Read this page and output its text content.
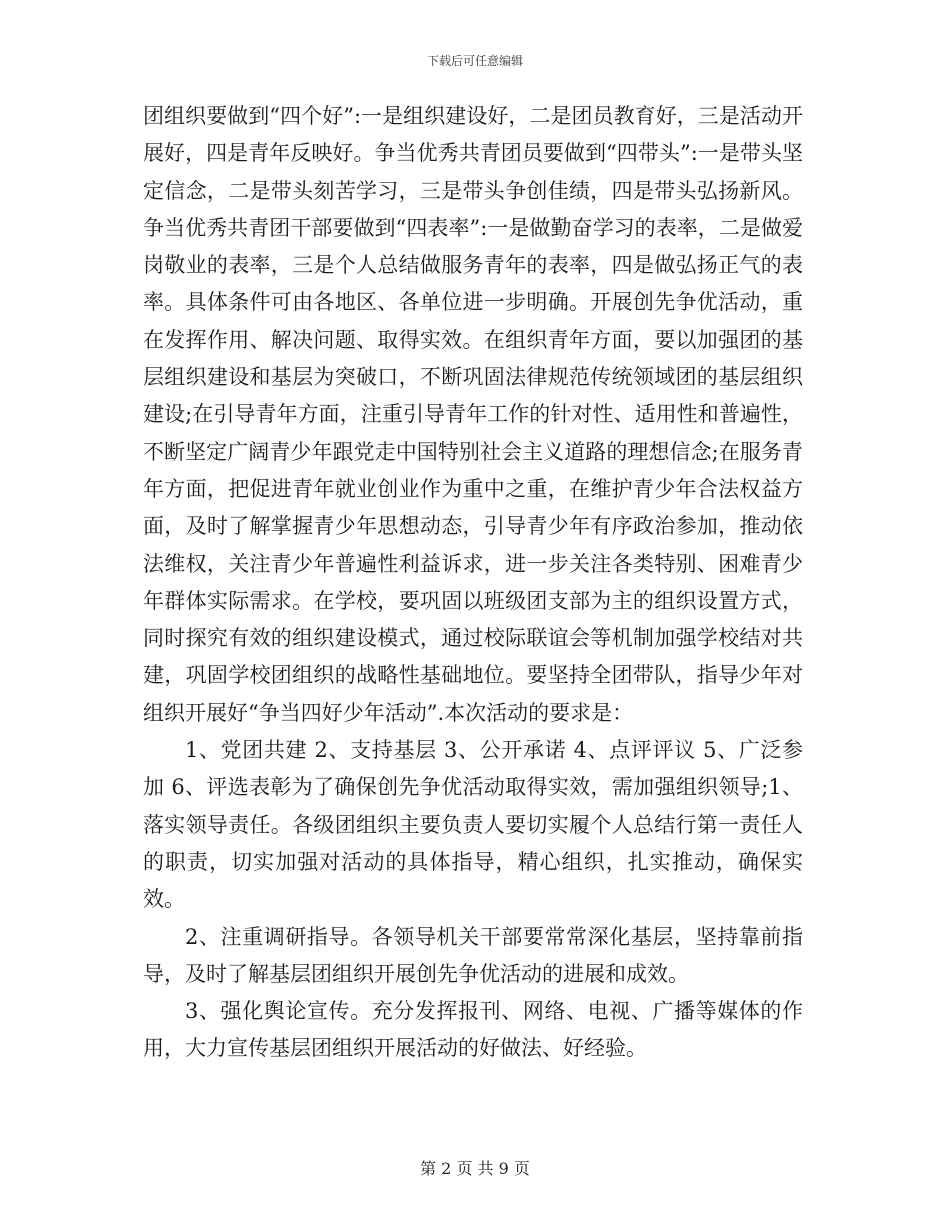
下载后可任意编辑

团组织要做到“四个好”:一是组织建设好，二是团员教育好，三是活动开展好，四是青年反映好。争当优秀共青团员要做到“四带头”:一是带头坚定信念，二是带头刻苦学习，三是带头争创佳绩，四是带头弘扬新风。争当优秀共青团干部要做到“四表率”:一是做勤奋学习的表率，二是做爱岗敬业的表率，三是个人总结做服务青年的表率，四是做弘扬正气的表率。具体条件可由各地区、各单位进一步明确。开展创先争优活动，重在发挥作用、解决问题、取得实效。在组织青年方面，要以加强团的基层组织建设和基层为突破口，不断巩固法律规范传统领域团的基层组织建设;在引导青年方面，注重引导青年工作的针对性、适用性和普遍性，不断坚定广阔青少年跟党走中国特别社会主义道路的理想信念;在服务青年方面，把促进青年就业创业作为重中之重，在维护青少年合法权益方面，及时了解掌握青少年思想动态，引导青少年有序政治参加，推动依法维权，关注青少年普遍性利益诉求，进一步关注各类特别、困难青少年群体实际需求。在学校，要巩固以班级团支部为主的组织设置方式，同时探究有效的组织建设模式，通过校际联谊会等机制加强学校结对共建，巩固学校团组织的战略性基础地位。要坚持全团带队，指导少年对组织开展好“争当四好少年活动”.本次活动的要求是：

1、党团共建 2、支持基层 3、公开承诺 4、点评评议 5、广泛参加 6、评选表彰为了确保创先争优活动取得实效，需加强组织领导;1、落实领导责任。各级团组织主要负责人要切实履个人总结行第一责任人的职责，切实加强对活动的具体指导，精心组织，扎实推动，确保实效。

2、注重调研指导。各领导机关干部要常常深化基层，坚持靠前指导，及时了解基层团组织开展创先争优活动的进展和成效。

3、强化舆论宣传。充分发挥报刊、网络、电视、广播等媒体的作用，大力宣传基层团组织开展活动的好做法、好经验。

第 2 页 共 9 页
